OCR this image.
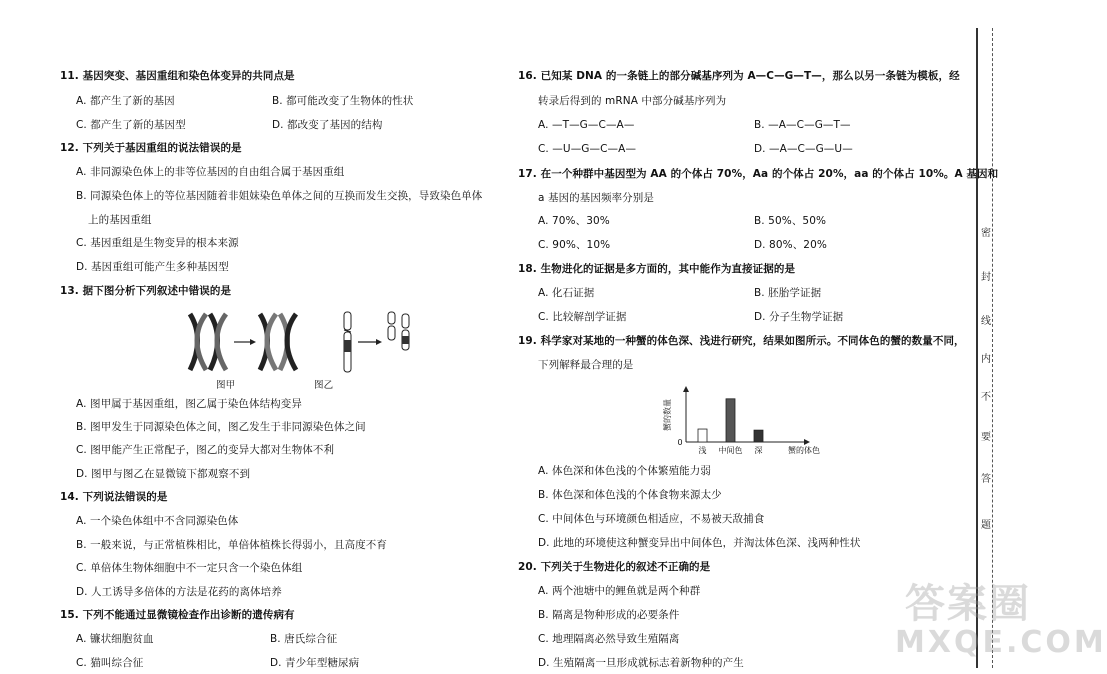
11. 基因突变、基因重组和染色体变异的共同点是
A. 都产生了新的基因	B. 都可能改变了生物体的性状
C. 都产生了新的基因型	D. 都改变了基因的结构
12. 下列关于基因重组的说法错误的是
A. 非同源染色体上的非等位基因的自由组合属于基因重组
B. 同源染色体上的等位基因随着非姐妹染色单体之间的互换而发生交换，导致染色单体
上的基因重组
C. 基因重组是生物变异的根本来源
D. 基因重组可能产生多种基因型
13. 据下图分析下列叙述中错误的是
图甲	图乙
A. 图甲属于基因重组，图乙属于染色体结构变异
B. 图甲发生于同源染色体之间，图乙发生于非同源染色体之间
C. 图甲能产生正常配子，图乙的变异大都对生物体不利
D. 图甲与图乙在显微镜下都观察不到
14. 下列说法错误的是
A. 一个染色体组中不含同源染色体
B. 一般来说，与正常植株相比，单倍体植株长得弱小，且高度不育
C. 单倍体生物体细胞中不一定只含一个染色体组
D. 人工诱导多倍体的方法是花药的离体培养
15. 下列不能通过显微镜检查作出诊断的遗传病有
A. 镰状细胞贫血	B. 唐氏综合征
C. 猫叫综合征	D. 青少年型糖尿病
16. 已知某 DNA 的一条链上的部分碱基序列为 A—C—G—T—，那么以另一条链为模板，经
转录后得到的 mRNA 中部分碱基序列为
A. —T—G—C—A—	B. —A—C—G—T—
C. —U—G—C—A—	D. —A—C—G—U—
17. 在一个种群中基因型为 AA 的个体占 70%，Aa 的个体占 20%，aa 的个体占 10%。A 基因和
a 基因的基因频率分别是
A. 70%、30%	B. 50%、50%
C. 90%、10%	D. 80%、20%
18. 生物进化的证据是多方面的，其中能作为直接证据的是
A. 化石证据	B. 胚胎学证据
C. 比较解剖学证据	D. 分子生物学证据
19. 科学家对某地的一种蟹的体色深、浅进行研究，结果如图所示。不同体色的蟹的数量不同，
下列解释最合理的是
浅 中间色 深
0
蟹的体色
蟹的数量
A. 体色深和体色浅的个体繁殖能力弱
B. 体色深和体色浅的个体食物来源太少
C. 中间体色与环境颜色相适应，不易被天敌捕食
D. 此地的环境使这种蟹变异出中间体色，并淘汰体色深、浅两种性状
20. 下列关于生物进化的叙述不正确的是
A. 两个池塘中的鲤鱼就是两个种群
B. 隔离是物种形成的必要条件
C. 地理隔离必然导致生殖隔离
D. 生殖隔离一旦形成就标志着新物种的产生
密
封
线
内
不
要
答
题
答案圈
MXQE.COM
